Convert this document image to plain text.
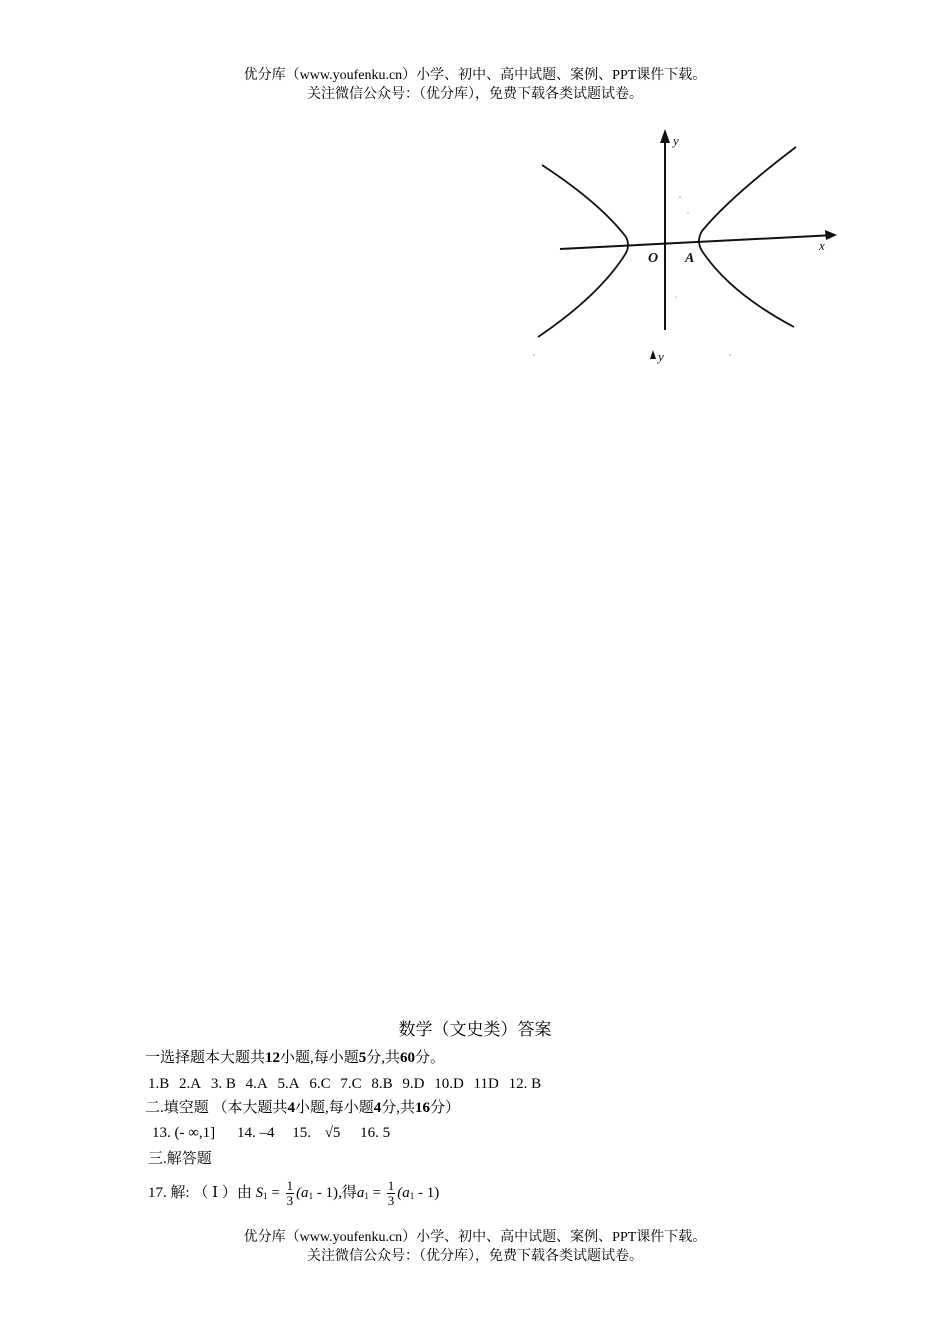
优分库（www.youfenku.cn）小学、初中、高中试题、案例、PPT课件下载。
关注微信公众号：（优分库），免费下载各类试题试卷。
y
x
O A
y
数学（文史类）答案
一选择题本大题共12小题,每小题5分,共60分。
1.B 2.A 3. B 4.A 5.A 6.C 7.C 8.B 9.D 10.D 11D 12. B
二.填空题 （本大题共4小题,每小题4分,共16分）
13. (- ∞,1] 14. –4 15. √5 16. 5
三.解答题
17. 解: （ Ⅰ ）由 $S_1 = \frac{1}{3} (a_1 - 1)$,得$a_1 = \frac{1}{3} (a_1 - 1)$
优分库（www.youfenku.cn）小学、初中、高中试题、案例、PPT课件下载。
关注微信公众号：（优分库），免费下载各类试题试卷。
